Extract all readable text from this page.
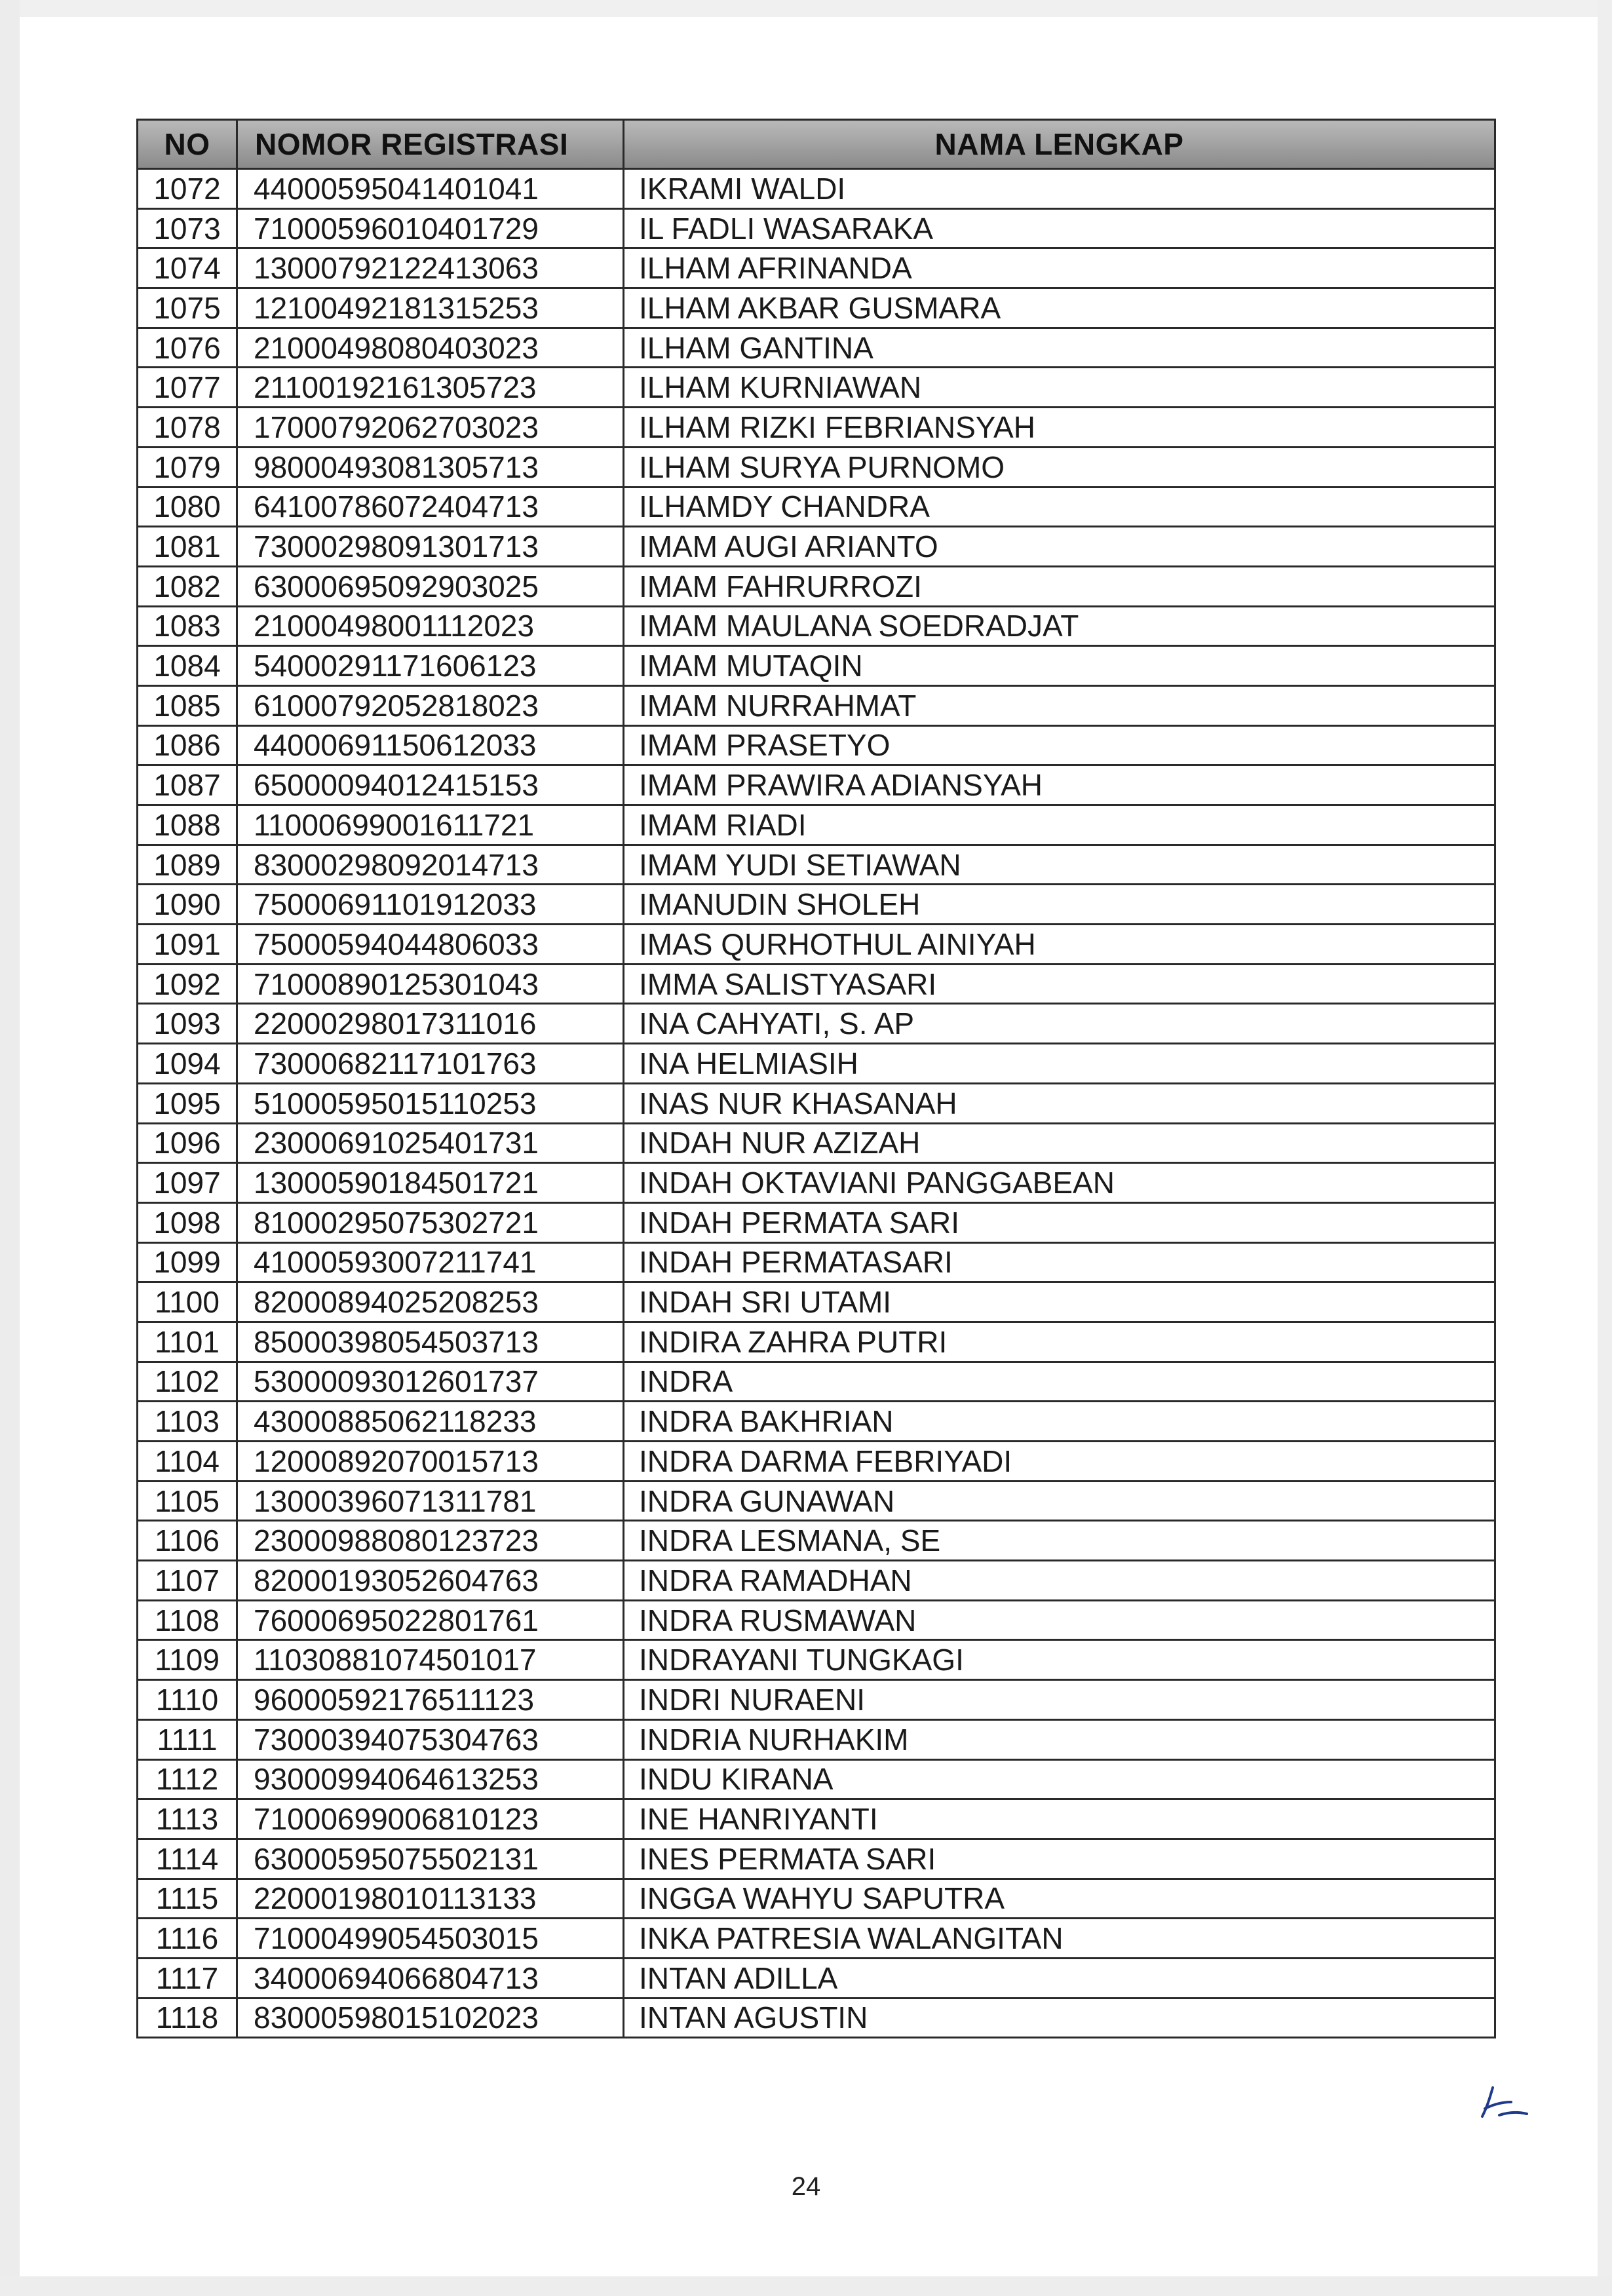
NO	NOMOR REGISTRASI	NAMA LENGKAP
1072	44000595041401041	IKRAMI WALDI
1073	71000596010401729	IL FADLI WASARAKA
1074	13000792122413063	ILHAM AFRINANDA
1075	12100492181315253	ILHAM AKBAR GUSMARA
1076	21000498080403023	ILHAM GANTINA
1077	21100192161305723	ILHAM KURNIAWAN
1078	17000792062703023	ILHAM RIZKI FEBRIANSYAH
1079	98000493081305713	ILHAM SURYA PURNOMO
1080	64100786072404713	ILHAMDY CHANDRA
1081	73000298091301713	IMAM AUGI ARIANTO
1082	63000695092903025	IMAM FAHRURROZI
1083	21000498001112023	IMAM MAULANA SOEDRADJAT
1084	54000291171606123	IMAM MUTAQIN
1085	61000792052818023	IMAM NURRAHMAT
1086	44000691150612033	IMAM PRASETYO
1087	65000094012415153	IMAM PRAWIRA ADIANSYAH
1088	11000699001611721	IMAM RIADI
1089	83000298092014713	IMAM YUDI SETIAWAN
1090	75000691101912033	IMANUDIN SHOLEH
1091	75000594044806033	IMAS QURHOTHUL AINIYAH
1092	71000890125301043	IMMA SALISTYASARI
1093	22000298017311016	INA CAHYATI, S. AP
1094	73000682117101763	INA HELMIASIH
1095	51000595015110253	INAS NUR KHASANAH
1096	23000691025401731	INDAH NUR AZIZAH
1097	13000590184501721	INDAH OKTAVIANI PANGGABEAN
1098	81000295075302721	INDAH PERMATA SARI
1099	41000593007211741	INDAH PERMATASARI
1100	82000894025208253	INDAH SRI UTAMI
1101	85000398054503713	INDIRA ZAHRA PUTRI
1102	53000093012601737	INDRA
1103	43000885062118233	INDRA BAKHRIAN
1104	12000892070015713	INDRA DARMA FEBRIYADI
1105	13000396071311781	INDRA GUNAWAN
1106	23000988080123723	INDRA LESMANA, SE
1107	82000193052604763	INDRA RAMADHAN
1108	76000695022801761	INDRA RUSMAWAN
1109	11030881074501017	INDRAYANI TUNGKAGI
1110	96000592176511123	INDRI NURAENI
1111	73000394075304763	INDRIA NURHAKIM
1112	93000994064613253	INDU KIRANA
1113	71000699006810123	INE HANRIYANTI
1114	63000595075502131	INES PERMATA SARI
1115	22000198010113133	INGGA WAHYU SAPUTRA
1116	71000499054503015	INKA PATRESIA WALANGITAN
1117	34000694066804713	INTAN ADILLA
1118	83000598015102023	INTAN AGUSTIN
24
